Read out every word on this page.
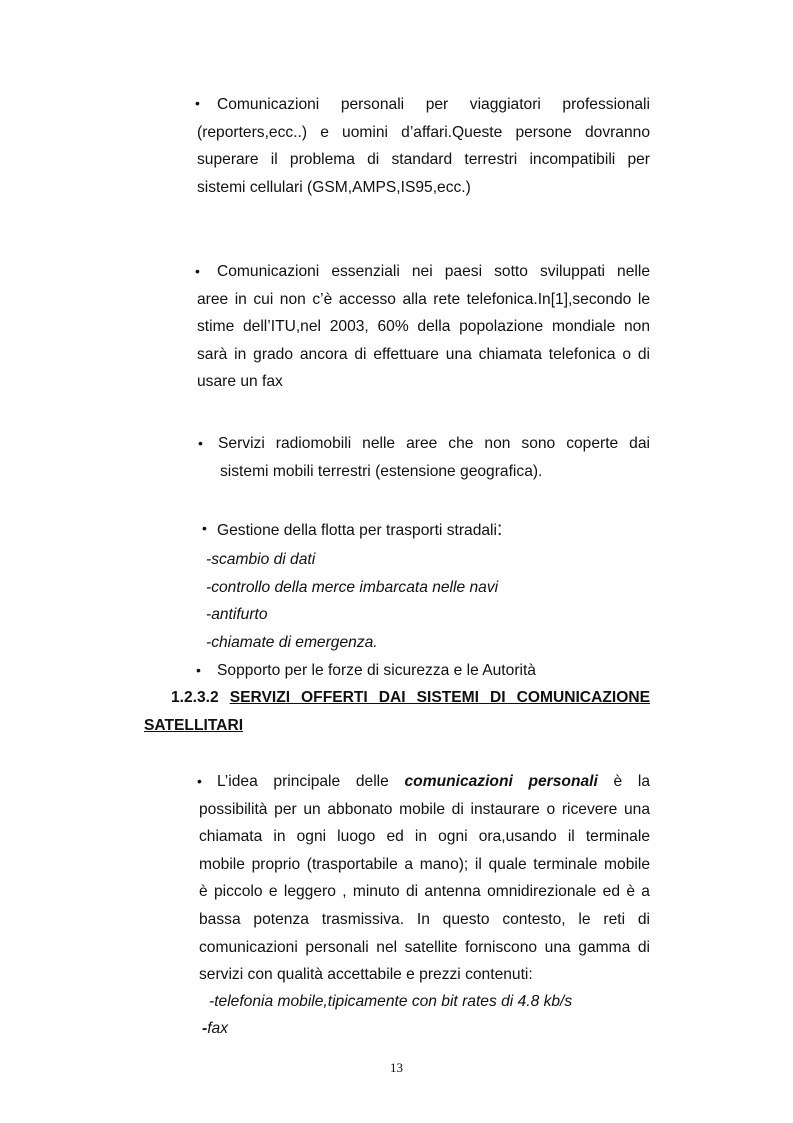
•	Comunicazioni personali per viaggiatori professionali

(reporters,ecc..) e uomini d’affari.Queste persone dovranno

superare il problema di standard terrestri incompatibili per

sistemi cellulari (GSM,AMPS,IS95,ecc.)

•	Comunicazioni essenziali nei paesi sotto sviluppati nelle

aree in cui non c’è accesso alla rete telefonica.In[1],secondo le

stime dell’ITU,nel 2003, 60% della popolazione mondiale non

sarà in grado ancora di effettuare una chiamata telefonica o di

usare un fax

• Servizi radiomobili nelle aree che non sono coperte dai

sistemi mobili terrestri (estensione geografica).

• Gestione della flotta per trasporti stradali:

-scambio di dati

-controllo della merce imbarcata nelle navi

-antifurto

-chiamate di emergenza.

• Sopporto per le forze di sicurezza e le Autorità

1.2.3.2 SERVIZI OFFERTI DAI SISTEMI DI COMUNICAZIONE

SATELLITARI

• L’idea principale delle comunicazioni personali è la

possibilità per un abbonato mobile di instaurare o ricevere una

chiamata in ogni luogo ed in ogni ora,usando il terminale

mobile proprio (trasportabile a mano); il quale terminale mobile

è piccolo e leggero , minuto di antenna omnidirezionale ed è a

bassa potenza trasmissiva. In questo contesto, le reti di

comunicazioni personali nel satellite forniscono una gamma di

servizi con qualità accettabile e prezzi contenuti:

-telefonia mobile,tipicamente con bit rates di 4.8 kb/s

-fax

13
